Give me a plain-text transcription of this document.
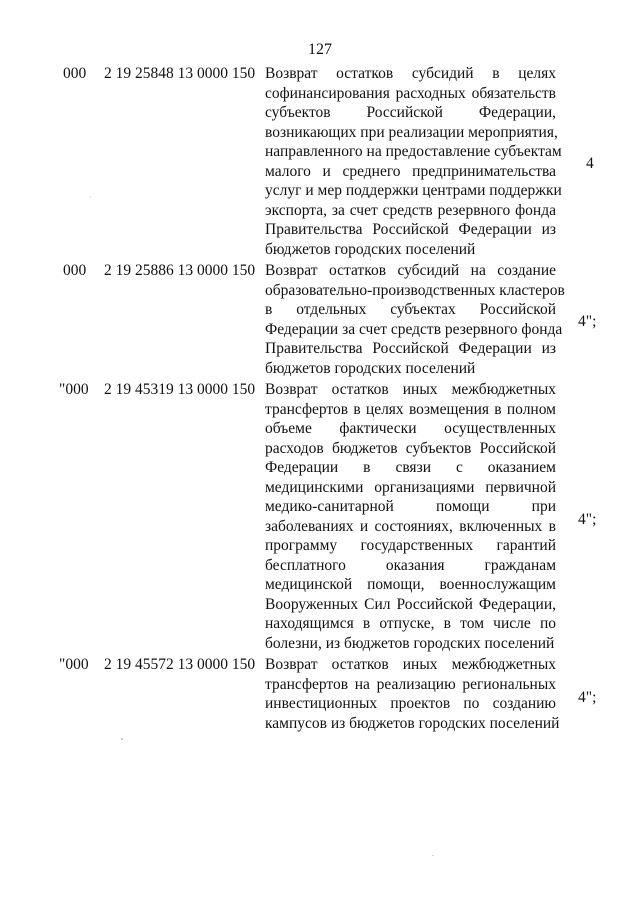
127
000 2 19 25848 13 0000 150 Возврат остатков субсидий в целях
софинансирования расходных обязательств
субъектов Российской Федерации,
возникающих при реализации мероприятия,
направленного на предоставление субъектам
малого и среднего предпринимательства
услуг и мер поддержки центрами поддержки
экспорта, за счет средств резервного фонда
Правительства Российской Федерации из
бюджетов городских поселений
4
000 2 19 25886 13 0000 150 Возврат остатков субсидий на создание
образовательно-производственных кластеров
в отдельных субъектах Российской
Федерации за счет средств резервного фонда
Правительства Российской Федерации из
бюджетов городских поселений
4";
"000 2 19 45319 13 0000 150 Возврат остатков иных межбюджетных
трансфертов в целях возмещения в полном
объеме фактически осуществленных
расходов бюджетов субъектов Российской
Федерации в связи с оказанием
медицинскими организациями первичной
медико-санитарной помощи при
заболеваниях и состояниях, включенных в
программу государственных гарантий
бесплатного оказания гражданам
медицинской помощи, военнослужащим
Вооруженных Сил Российской Федерации,
находящимся в отпуске, в том числе по
болезни, из бюджетов городских поселений
4";
"000 2 19 45572 13 0000 150 Возврат остатков иных межбюджетных
трансфертов на реализацию региональных
инвестиционных проектов по созданию
кампусов из бюджетов городских поселений
4";
